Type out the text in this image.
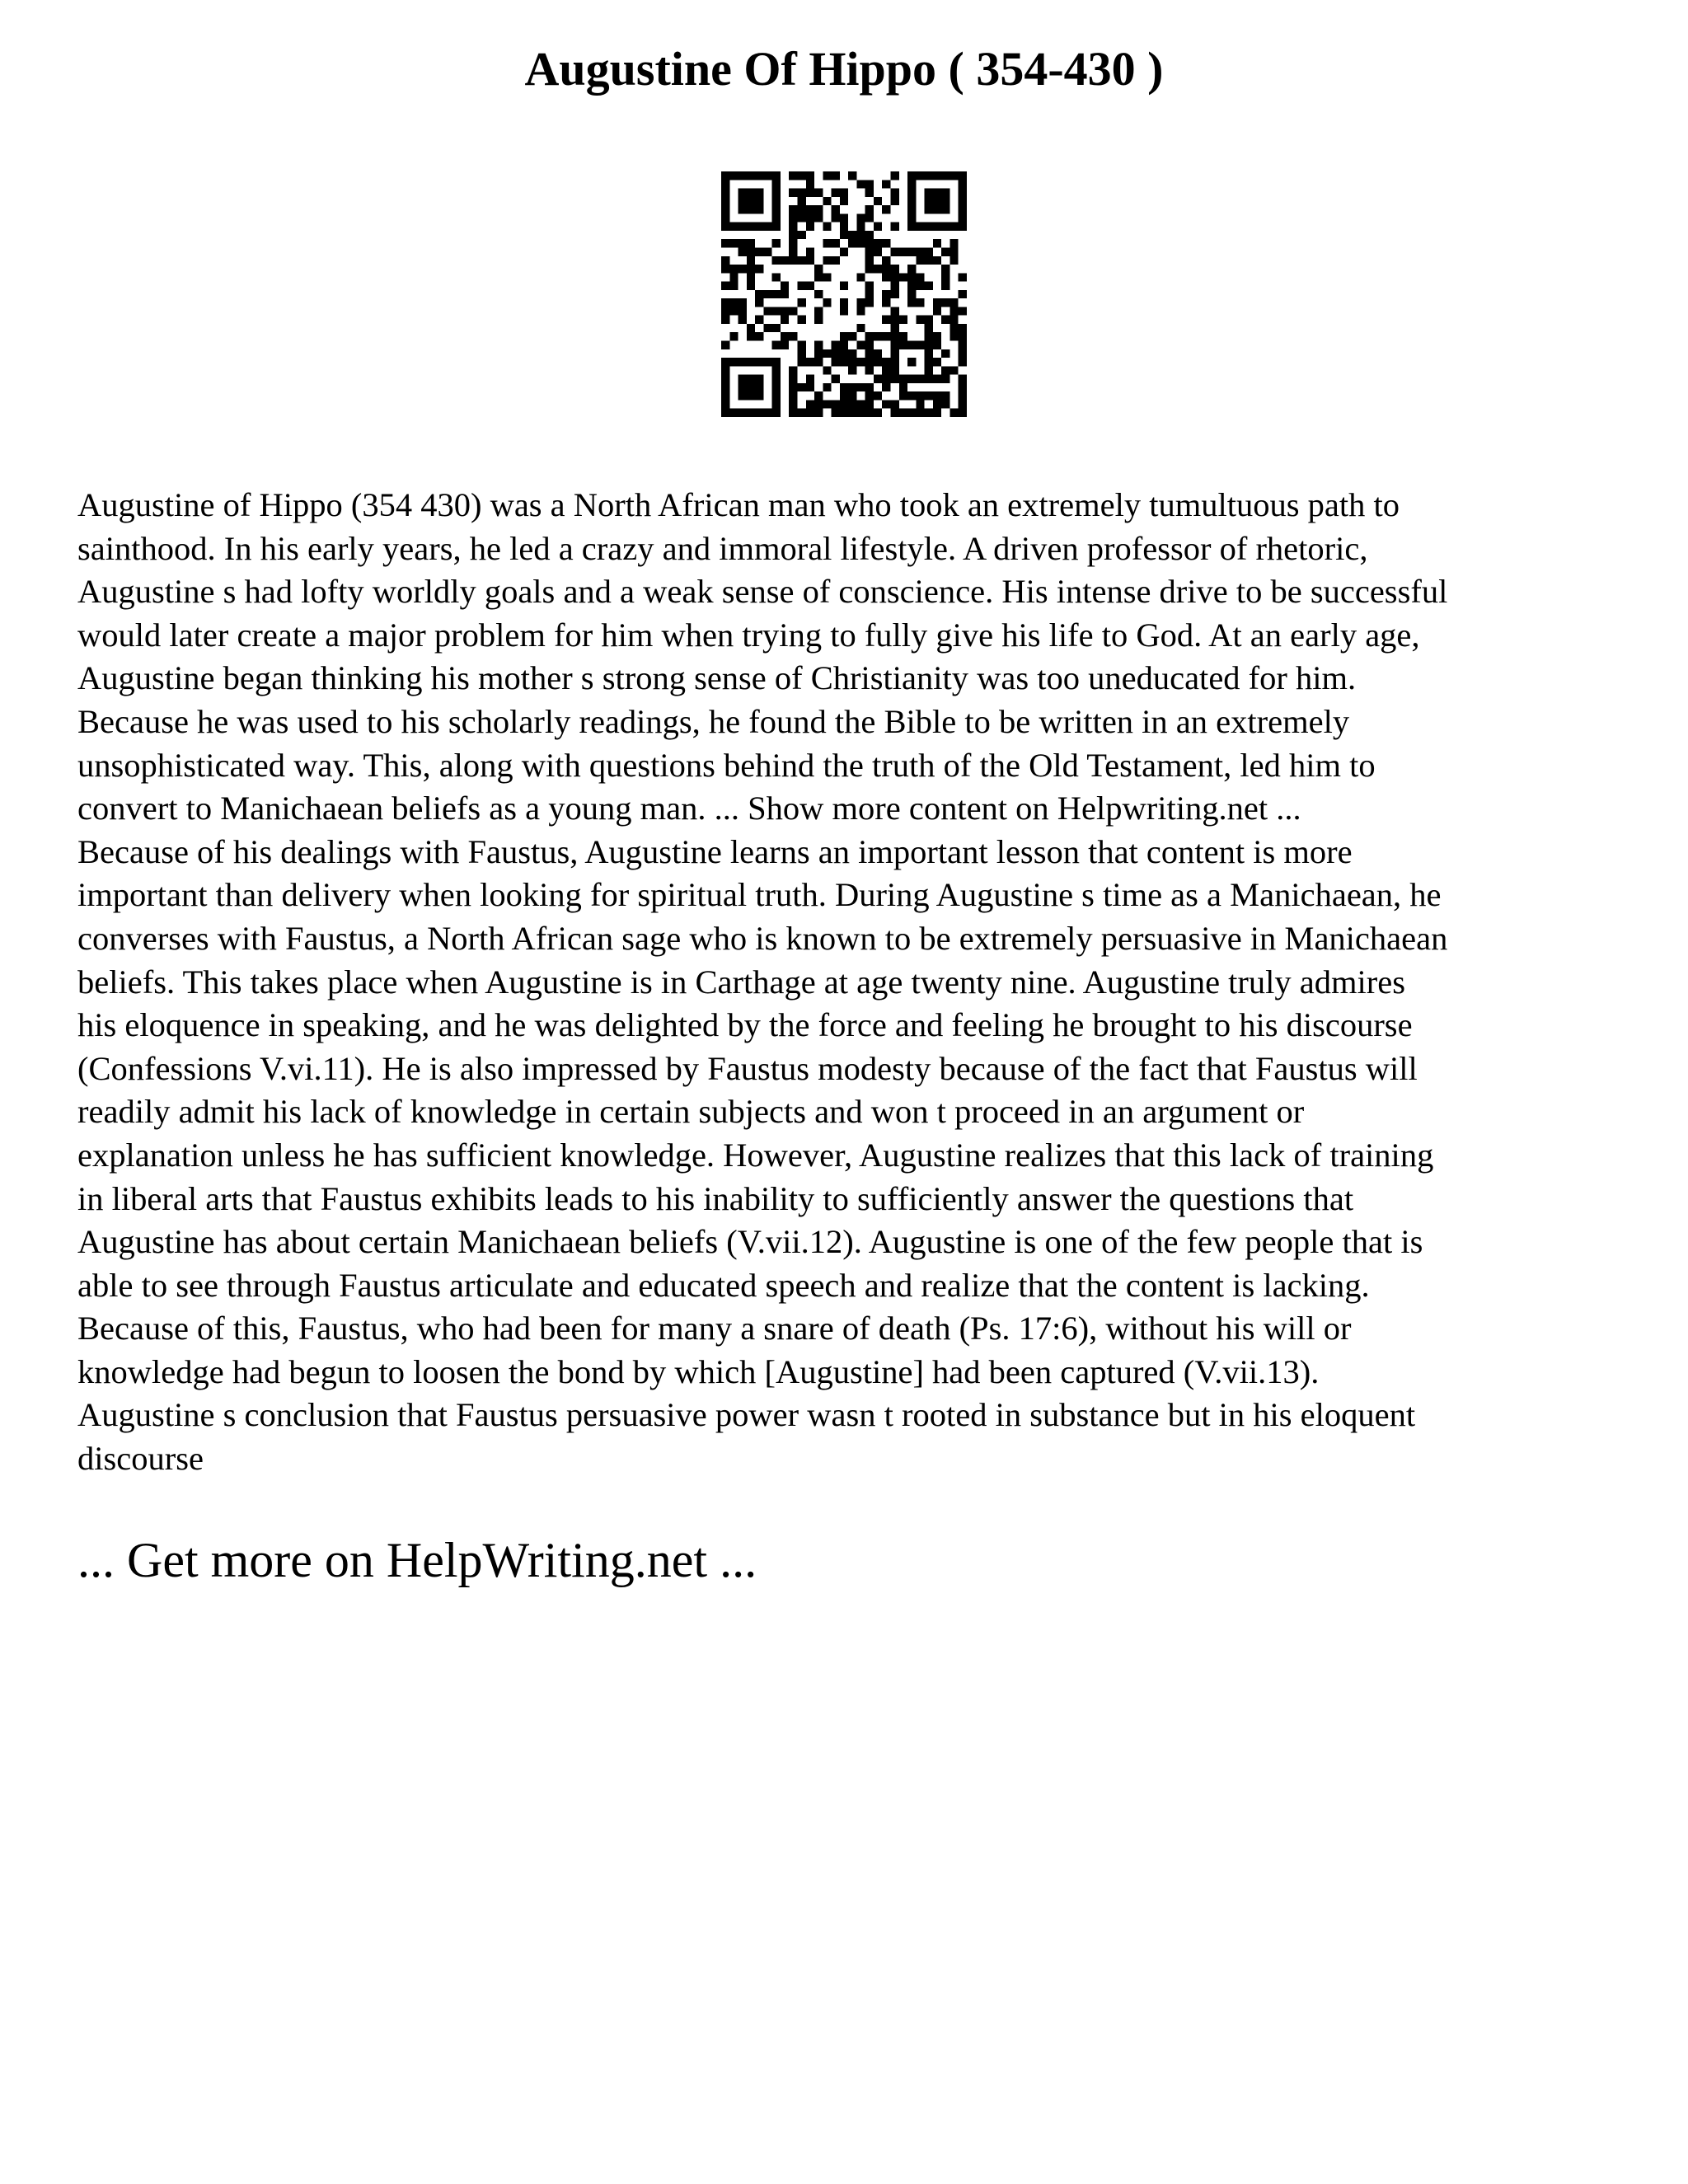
Augustine Of Hippo ( 354-430 )

Augustine of Hippo (354 430) was a North African man who took an extremely tumultuous path to
sainthood. In his early years, he led a crazy and immoral lifestyle. A driven professor of rhetoric,
Augustine s had lofty worldly goals and a weak sense of conscience. His intense drive to be successful
would later create a major problem for him when trying to fully give his life to God. At an early age,
Augustine began thinking his mother s strong sense of Christianity was too uneducated for him.
Because he was used to his scholarly readings, he found the Bible to be written in an extremely
unsophisticated way. This, along with questions behind the truth of the Old Testament, led him to
convert to Manichaean beliefs as a young man. ... Show more content on Helpwriting.net ...
Because of his dealings with Faustus, Augustine learns an important lesson that content is more
important than delivery when looking for spiritual truth. During Augustine s time as a Manichaean, he
converses with Faustus, a North African sage who is known to be extremely persuasive in Manichaean
beliefs. This takes place when Augustine is in Carthage at age twenty nine. Augustine truly admires
his eloquence in speaking, and he was delighted by the force and feeling he brought to his discourse
(Confessions V.vi.11). He is also impressed by Faustus modesty because of the fact that Faustus will
readily admit his lack of knowledge in certain subjects and won t proceed in an argument or
explanation unless he has sufficient knowledge. However, Augustine realizes that this lack of training
in liberal arts that Faustus exhibits leads to his inability to sufficiently answer the questions that
Augustine has about certain Manichaean beliefs (V.vii.12). Augustine is one of the few people that is
able to see through Faustus articulate and educated speech and realize that the content is lacking.
Because of this, Faustus, who had been for many a snare of death (Ps. 17:6), without his will or
knowledge had begun to loosen the bond by which [Augustine] had been captured (V.vii.13).
Augustine s conclusion that Faustus persuasive power wasn t rooted in substance but in his eloquent
discourse

... Get more on HelpWriting.net ...
